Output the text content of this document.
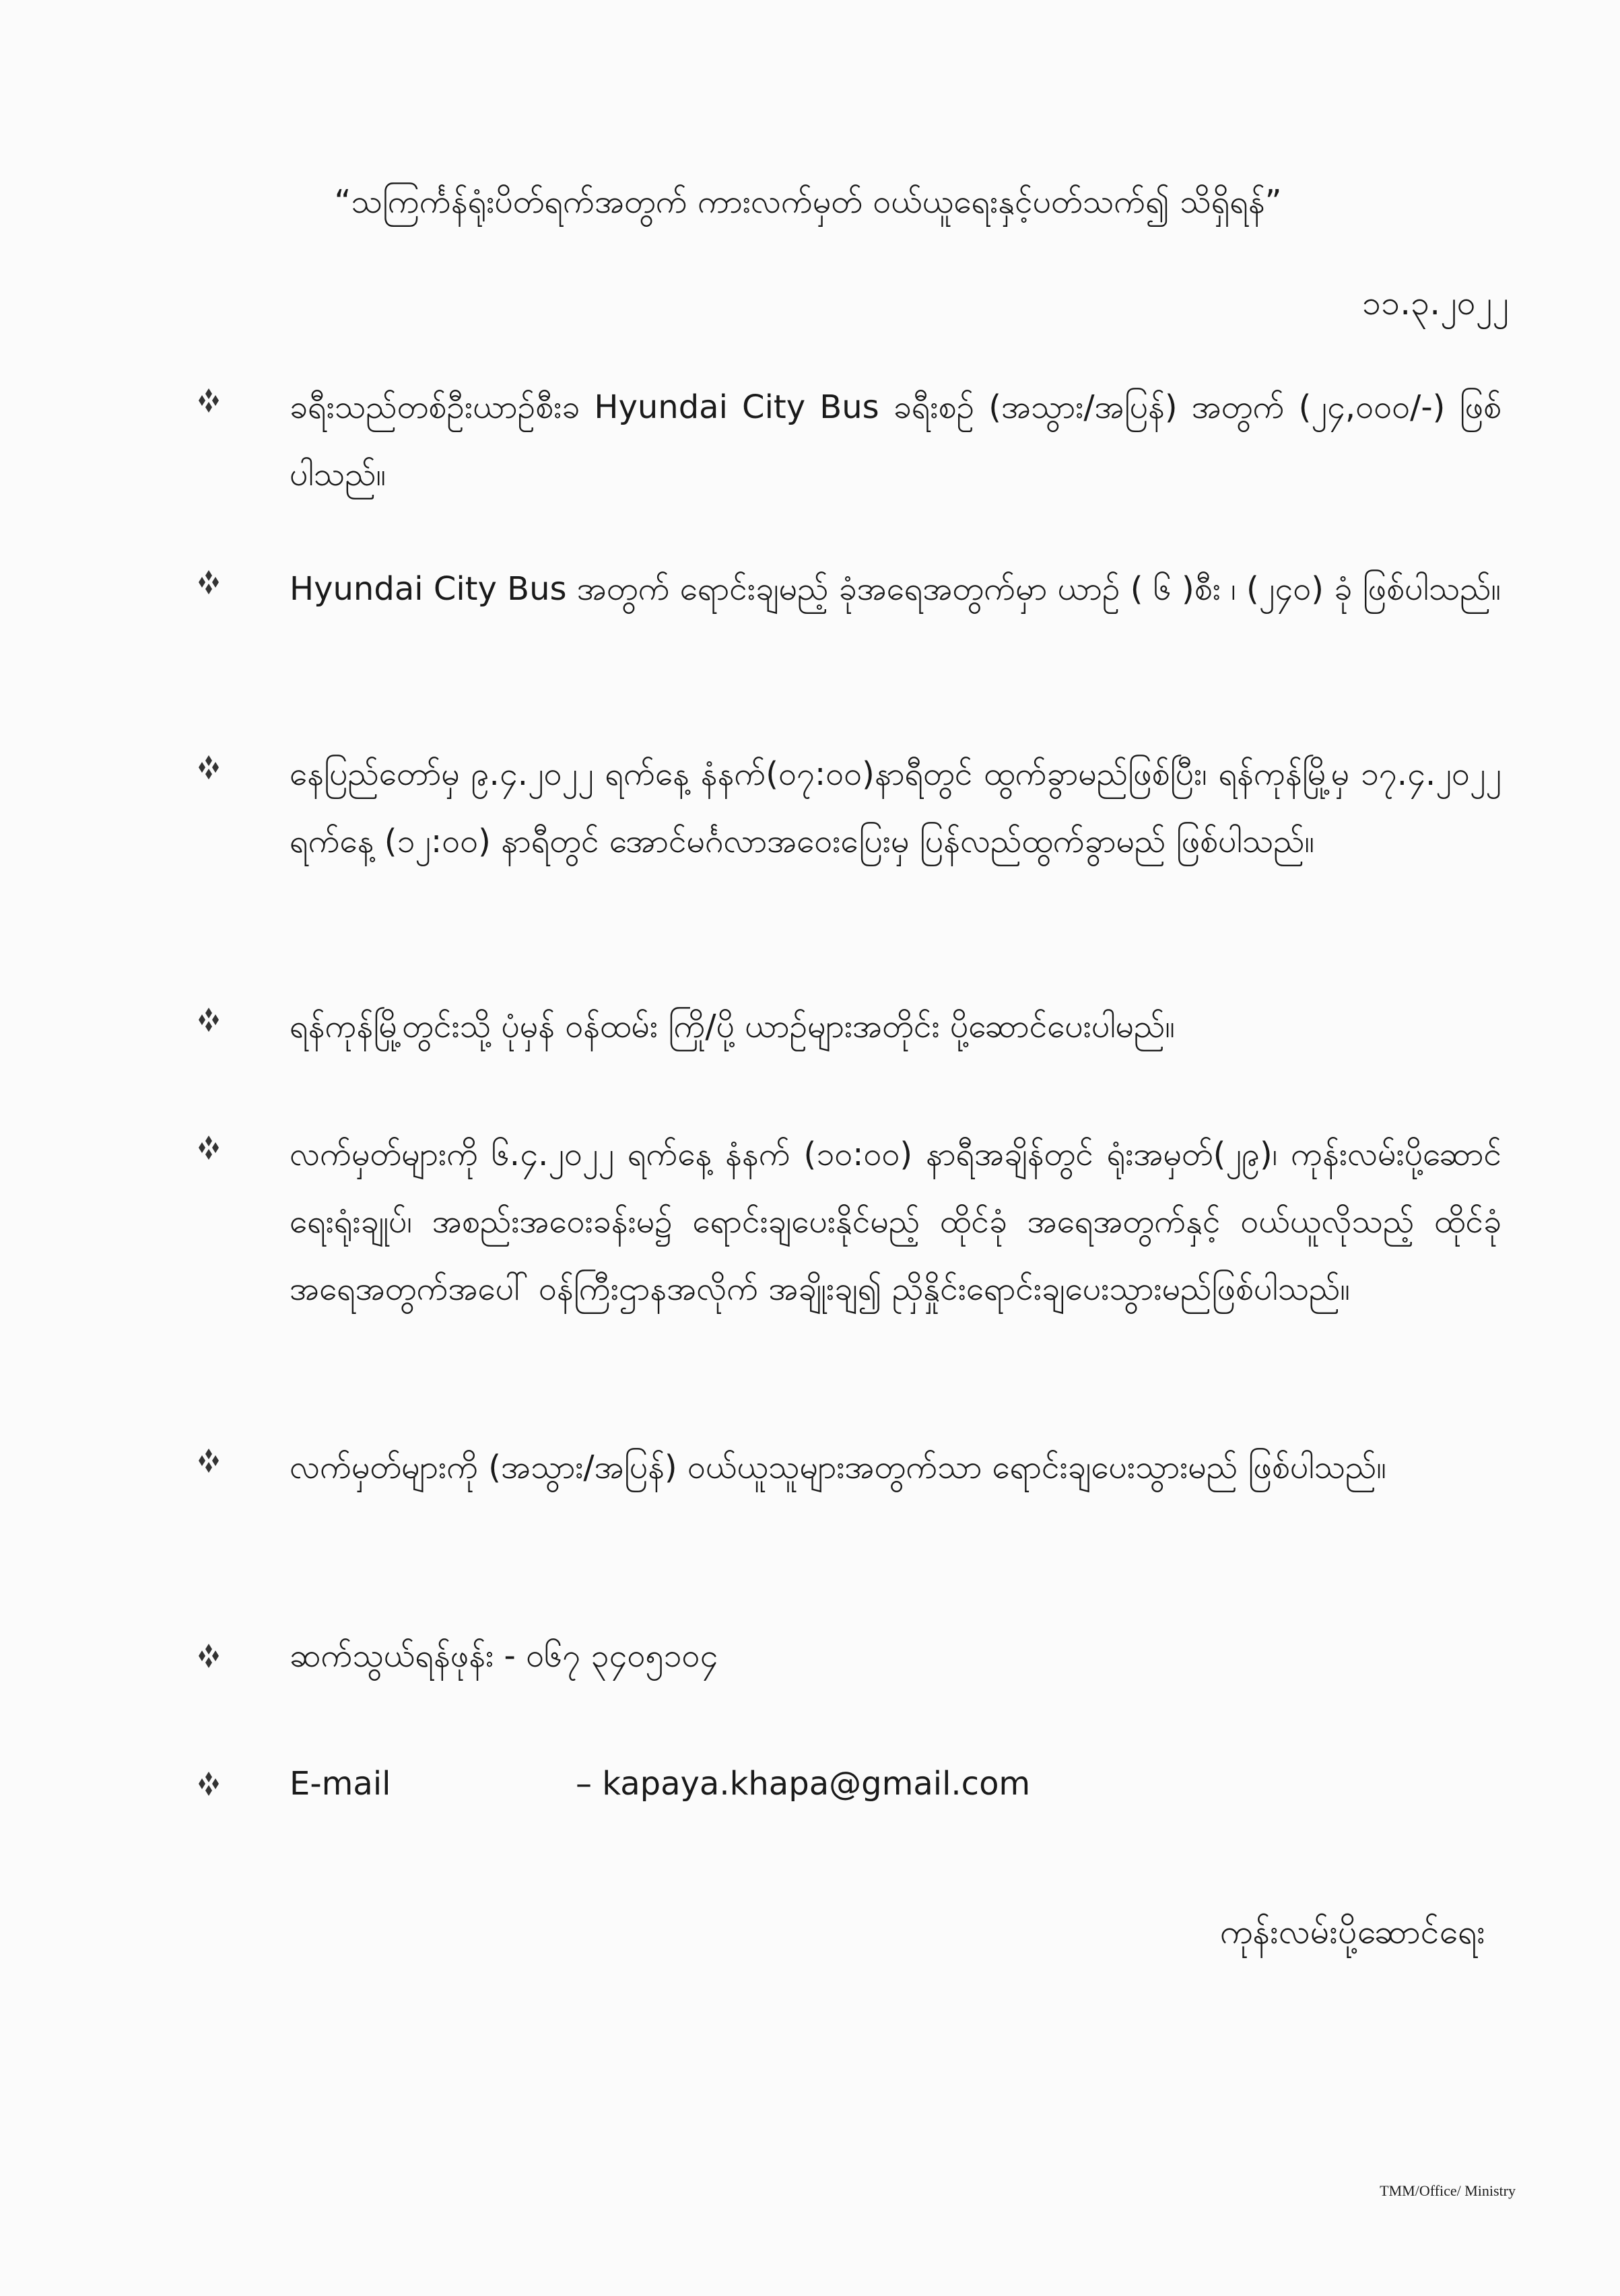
“သကြင်္ကန်ရုံးပိတ်ရက်အတွက် ကားလက်မှတ် ဝယ်ယူရေးနှင့်ပတ်သက်၍ သိရှိရန်”
၁၁.၃.၂၀၂၂
ခရီးသည်တစ်ဦးယာဉ်စီးခ Hyundai City Bus ခရီးစဉ် (အသွား/အပြန်) အတွက် (၂၄,၀၀၀/-) ဖြစ်ပါသည်။
Hyundai City Bus အတွက် ရောင်းချမည့် ခုံအရေအတွက်မှာ ယာဉ် ( ၆ )စီး ၊ (၂၄၀) ခုံ ဖြစ်ပါသည်။
နေပြည်တော်မှ ၉.၄.၂၀၂၂ ရက်နေ့ နံနက်(၀၇:၀၀)နာရီတွင် ထွက်ခွာမည်ဖြစ်ပြီး၊ ရန်ကုန်မြို့မှ ၁၇.၄.၂၀၂၂ ရက်နေ့ (၁၂:၀၀) နာရီတွင် အောင်မင်္ဂလာအဝေးပြေးမှ ပြန်လည်ထွက်ခွာမည် ဖြစ်ပါသည်။
ရန်ကုန်မြို့တွင်းသို့ ပုံမှန် ဝန်ထမ်း ကြို/ပို့ ယာဉ်များအတိုင်း ပို့ဆောင်ပေးပါမည်။
လက်မှတ်များကို ၆.၄.၂၀၂၂ ရက်နေ့ နံနက် (၁၀:၀၀) နာရီအချိန်တွင် ရုံးအမှတ်(၂၉)၊ ကုန်းလမ်းပို့ဆောင်ရေးရုံးချုပ်၊ အစည်းအဝေးခန်းမ၌ ရောင်းချပေးနိုင်မည့် ထိုင်ခုံ အရေအတွက်နှင့် ဝယ်ယူလိုသည့် ထိုင်ခုံအရေအတွက်အပေါ် ဝန်ကြီးဌာနအလိုက် အချိုးချ၍ ညှိနှိုင်းရောင်းချပေးသွားမည်ဖြစ်ပါသည်။
လက်မှတ်များကို (အသွား/အပြန်) ဝယ်ယူသူများအတွက်သာ ရောင်းချပေးသွားမည် ဖြစ်ပါသည်။
ဆက်သွယ်ရန်ဖုန်း - ၀၆၇ ၃၄၀၅၁၀၄
E-mail	– kapaya.khapa@gmail.com
ကုန်းလမ်းပို့ဆောင်ရေး
TMM/Office/ Ministry
